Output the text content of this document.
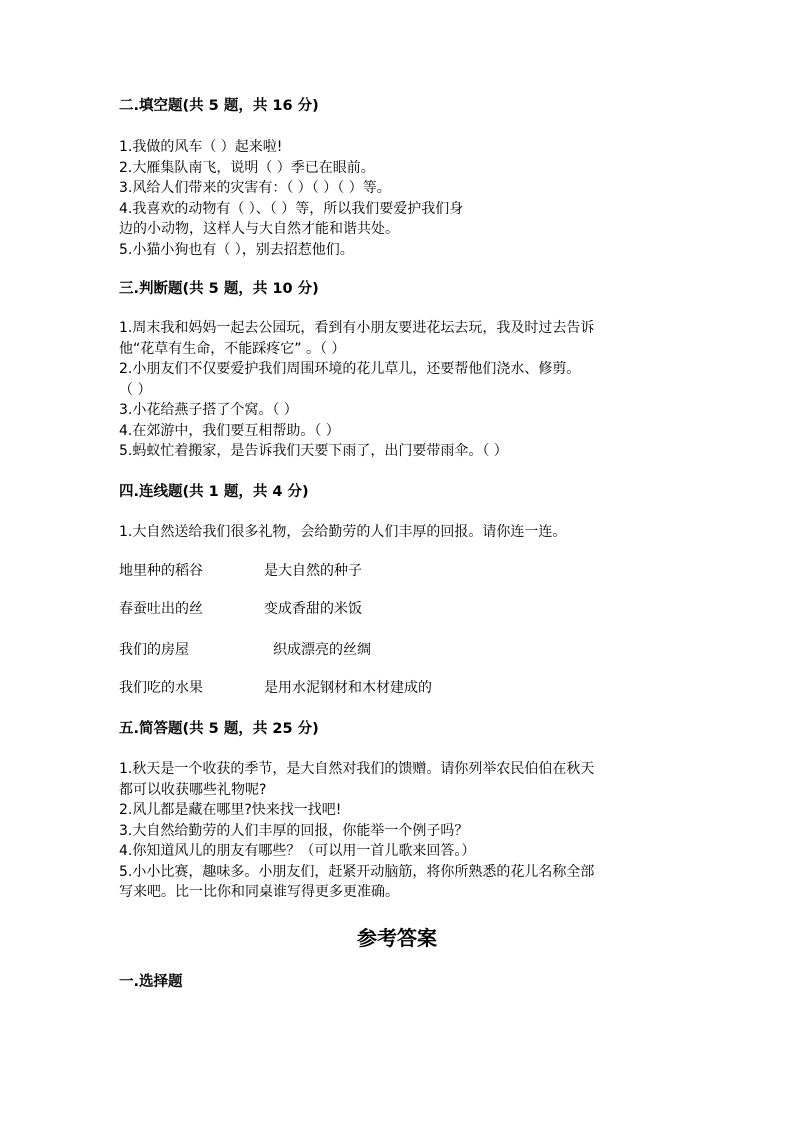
二.填空题(共 5 题，共 16 分)
1.我做的风车（ ）起来啦!
2.大雁集队南飞，说明（ ）季已在眼前。
3.风给人们带来的灾害有：（ ）（ ）（ ）等。
4.我喜欢的动物有（ ）、（ ）等，所以我们要爱护我们身
边的小动物，这样人与大自然才能和谐共处。
5.小猫小狗也有（ ），别去招惹他们。
三.判断题(共 5 题，共 10 分)
1.周末我和妈妈一起去公园玩，看到有小朋友要进花坛去玩，我及时过去告诉
他“花草有生命，不能踩疼它” 。（ ）
2.小朋友们不仅要爱护我们周围环境的花儿草儿，还要帮他们浇水、修剪。
（ ）
3.小花给燕子搭了个窝。（ ）
4.在郊游中，我们要互相帮助。（ ）
5.蚂蚁忙着搬家，是告诉我们天要下雨了，出门要带雨伞。（ ）
四.连线题(共 1 题，共 4 分)
1.大自然送给我们很多礼物，会给勤劳的人们丰厚的回报。请你连一连。
地里种的稻谷	是大自然的种子
春蚕吐出的丝	变成香甜的米饭
我们的房屋	织成漂亮的丝绸
我们吃的水果	是用水泥钢材和木材建成的
五.简答题(共 5 题，共 25 分)
1.秋天是一个收获的季节，是大自然对我们的馈赠。请你列举农民伯伯在秋天
都可以收获哪些礼物呢?
2.风儿都是藏在哪里?快来找一找吧!
3.大自然给勤劳的人们丰厚的回报，你能举一个例子吗？
4.你知道风儿的朋友有哪些？（可以用一首儿歌来回答。）
5.小小比赛，趣味多。小朋友们，赶紧开动脑筋，将你所熟悉的花儿名称全部
写来吧。比一比你和同桌谁写得更多更准确。
参考答案
一.选择题
